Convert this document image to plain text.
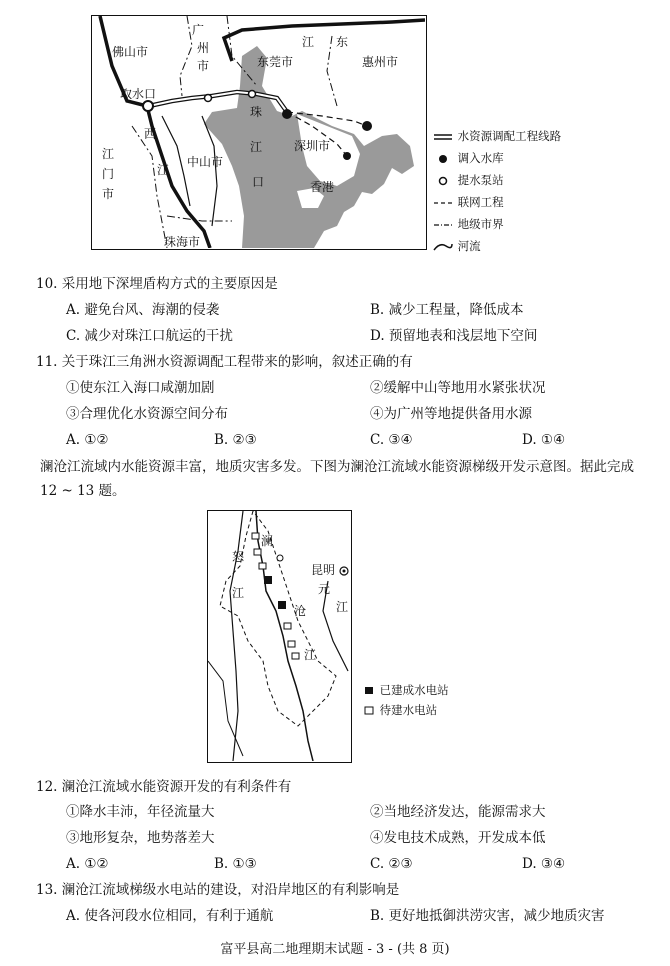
佛山市
广
州
市
江 东
东莞市	惠州市
取水口
珠
西
江
江
门
市
中山市
江
口
深圳市
香港
珠海市
水资源调配工程线路
调入水库
提水泵站
联网工程
地级市界
河流
10. 采用地下深埋盾构方式的主要原因是
A. 避免台风、海潮的侵袭	B. 减少工程量，降低成本
C. 减少对珠江口航运的干扰	D. 预留地表和浅层地下空间
11. 关于珠江三角洲水资源调配工程带来的影响，叙述正确的有
①使东江入海口咸潮加剧	②缓解中山等地用水紧张状况
③合理优化水资源空间分布	④为广州等地提供备用水源
A. ①②	B. ②③	C. ③④	D. ①④
澜沧江流域内水能资源丰富，地质灾害多发。下图为澜沧江流域水能资源梯级开发示意图。据此完成 12 ~ 13 题。
怒
江
澜
沧
江
昆明
元
江
已建成水电站
待建水电站
12. 澜沧江流域水能资源开发的有利条件有
①降水丰沛，年径流量大	②当地经济发达，能源需求大
③地形复杂，地势落差大	④发电技术成熟，开发成本低
A. ①②	B. ①③	C. ②③	D. ③④
13. 澜沧江流域梯级水电站的建设，对沿岸地区的有利影响是
A. 使各河段水位相同，有利于通航	B. 更好地抵御洪涝灾害，减少地质灾害
富平县高二地理期末试题 - 3 - (共 8 页)
